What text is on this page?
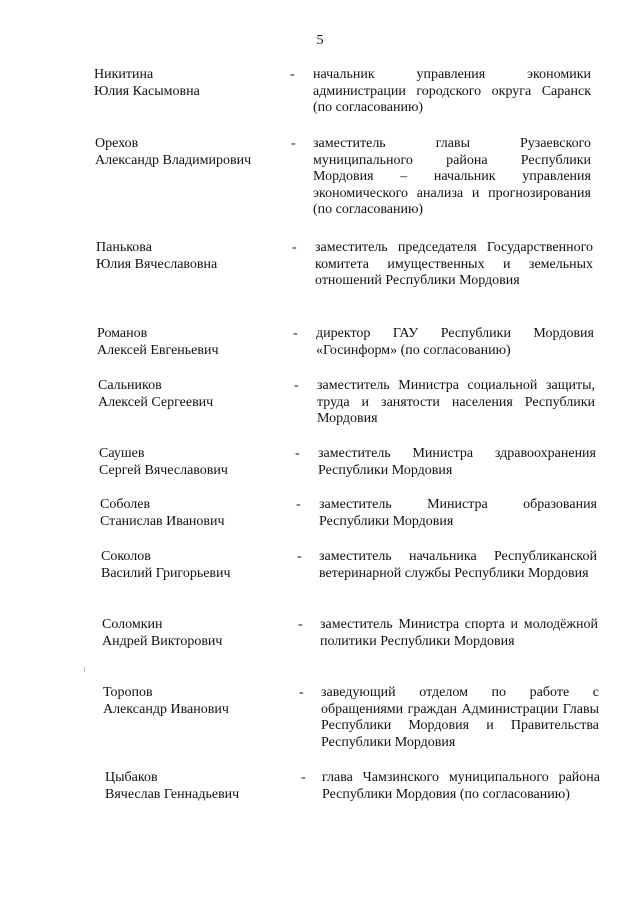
5
Никитина
Юлия Касымовна
-	начальник управления экономики администрации городского округа Саранск (по согласованию)
Орехов
Александр Владимирович
-	заместитель главы Рузаевского муниципального района Республики Мордовия – начальник управления экономического анализа и прогнозирования (по согласованию)
Панькова
Юлия Вячеславовна
-	заместитель председателя Государственного комитета имущественных и земельных отношений Республики Мордовия
Романов
Алексей Евгеньевич
-	директор ГАУ Республики Мордовия «Госинформ» (по согласованию)
Сальников
Алексей Сергеевич
-	заместитель Министра социальной защиты, труда и занятости населения Республики Мордовия
Саушев
Сергей Вячеславович
-	заместитель Министра здравоохранения Республики Мордовия
Соболев
Станислав Иванович
-	заместитель Министра образования Республики Мордовия
Соколов
Василий Григорьевич
-	заместитель начальника Республиканской ветеринарной службы Республики Мордовия
Соломкин
Андрей Викторович
-	заместитель Министра спорта и молодёжной политики Республики Мордовия
Торопов
Александр Иванович
-	заведующий отделом по работе с обращениями граждан Администрации Главы Республики Мордовия и Правительства Республики Мордовия
Цыбаков
Вячеслав Геннадьевич
-	глава Чамзинского муниципального района Республики Мордовия (по согласованию)
